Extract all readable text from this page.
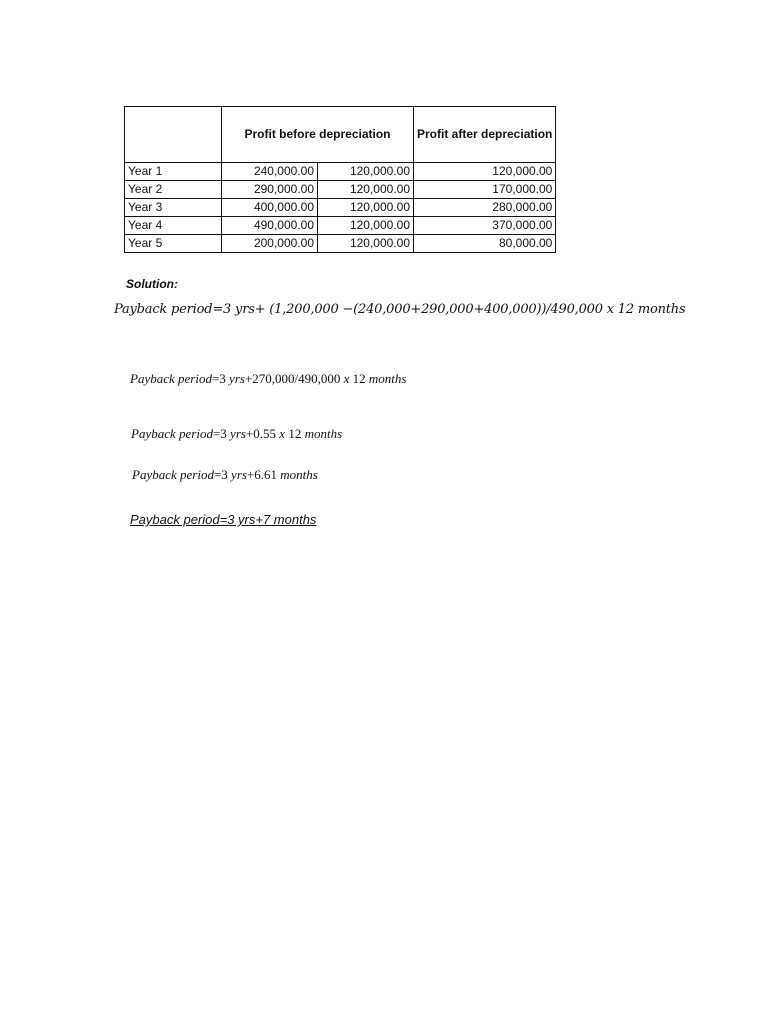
	Profit before depreciation		Profit after depreciation
Year 1	240,000.00	120,000.00	120,000.00
Year 2	290,000.00	120,000.00	170,000.00
Year 3	400,000.00	120,000.00	280,000.00
Year 4	490,000.00	120,000.00	370,000.00
Year 5	200,000.00	120,000.00	80,000.00
Solution:
Payback period=3 yrs+ (1,200,000 −(240,000+290,000+400,000))/490,000 x 12 months
Payback period=3 yrs+270,000/490,000 x 12 months
Payback period=3 yrs+0.55 x 12 months
Payback period=3 yrs+6.61 months
Payback period=3 yrs+7 months
